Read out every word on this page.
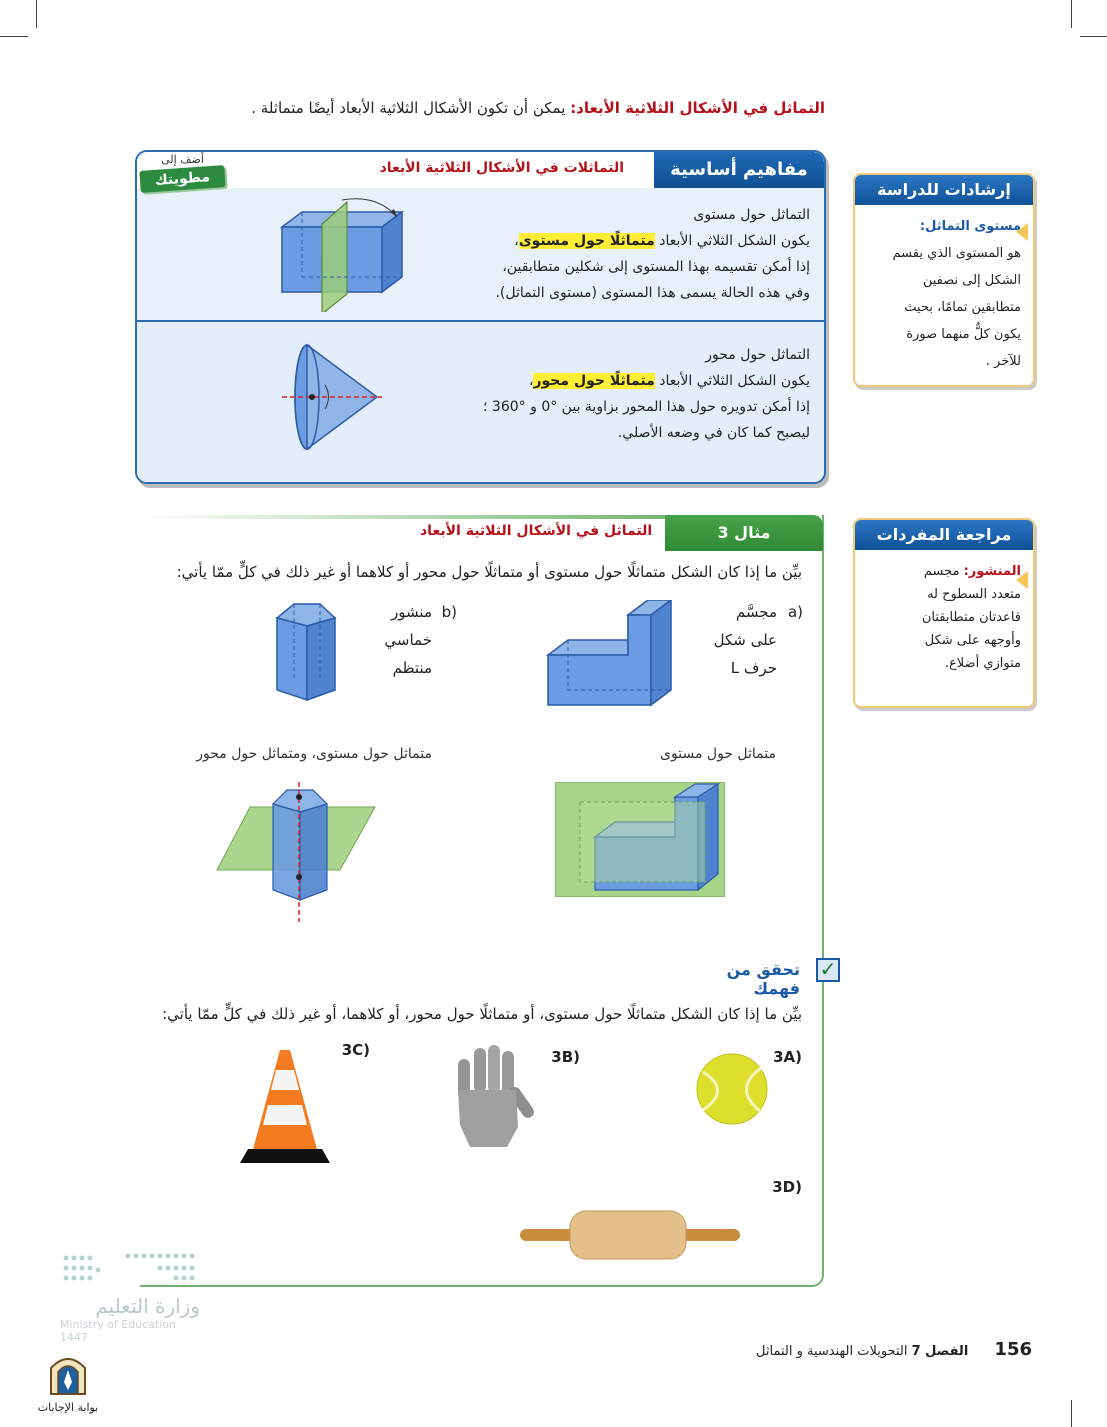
التماثل في الأشكال الثلاثية الأبعاد: يمكن أن تكون الأشكال الثلاثية الأبعاد أيضًا متماثلة .
مفاهيم أساسية
التماثلات في الأشكال الثلاثية الأبعاد
التماثل حول مستوى
يكون الشكل الثلاثي الأبعاد متماثلًا حول مستوى،
إذا أمكن تقسيمه بهذا المستوى إلى شكلين متطابقين،
وفي هذه الحالة يسمى هذا المستوى (مستوى التماثل).
التماثل حول محور
يكون الشكل الثلاثي الأبعاد متماثلًا حول محور،
إذا أمكن تدويره حول هذا المحور بزاوية بين °0 و °360 ؛
ليصبح كما كان في وضعه الأصلي.
أضف إلى
مطويتك
إرشادات للدراسة
مستوى التماثل:
هو المستوى الذي يقسم
الشكل إلى نصفين
متطابقين تمامًا، بحيث
يكون كلٌّ منهما صورة
للآخر .
مراجعة المفردات
المنشور: مجسم
متعدد السطوح له
قاعدتان متطابقتان
وأوجهه على شكل
متوازي أضلاع.
مثال 3
التماثل في الأشكال الثلاثية الأبعاد
بيِّن ما إذا كان الشكل متماثلًا حول مستوى أو متماثلًا حول محور أو كلاهما أو غير ذلك في كلٍّ ممّا يأتي:
(a
مجسَّم
على شكل
حرف L
(b
منشور
خماسي
منتظم
متماثل حول مستوى
متماثل حول مستوى، ومتماثل حول محور
✓
تحقق من فهمك
بيِّن ما إذا كان الشكل متماثلًا حول مستوى، أو متماثلًا حول محور، أو كلاهما، أو غير ذلك في كلٍّ ممّا يأتي:
(3A
(3B
(3C
(3D
وزارة التعليم
Ministry of Education
1447
بوابة الإجابات
156 الفصل 7 التحويلات الهندسية و التماثل
